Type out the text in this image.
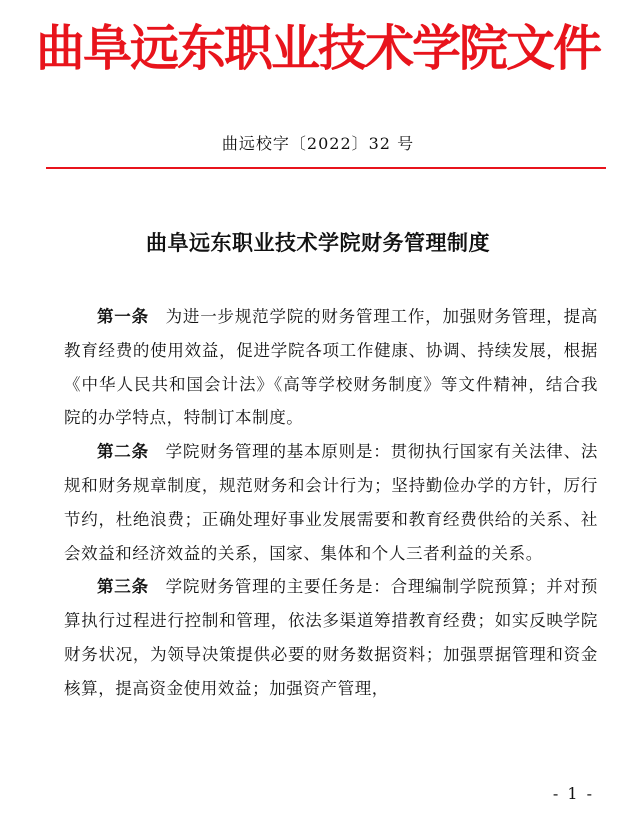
曲阜远东职业技术学院文件
曲远校字〔2022〕32 号
曲阜远东职业技术学院财务管理制度

第一条 为进一步规范学院的财务管理工作，加强财务管理，提高教育经费的使用效益，促进学院各项工作健康、协调、持续发展，根据《中华人民共和国会计法》《高等学校财务制度》等文件精神，结合我院的办学特点，特制订本制度。

第二条 学院财务管理的基本原则是：贯彻执行国家有关法律、法规和财务规章制度，规范财务和会计行为；坚持勤俭办学的方针，厉行节约，杜绝浪费；正确处理好事业发展需要和教育经费供给的关系、社会效益和经济效益的关系，国家、集体和个人三者利益的关系。

第三条 学院财务管理的主要任务是：合理编制学院预算；并对预算执行过程进行控制和管理，依法多渠道筹措教育经费；如实反映学院财务状况，为领导决策提供必要的财务数据资料；加强票据管理和资金核算，提高资金使用效益；加强资产管理，

- 1 -
